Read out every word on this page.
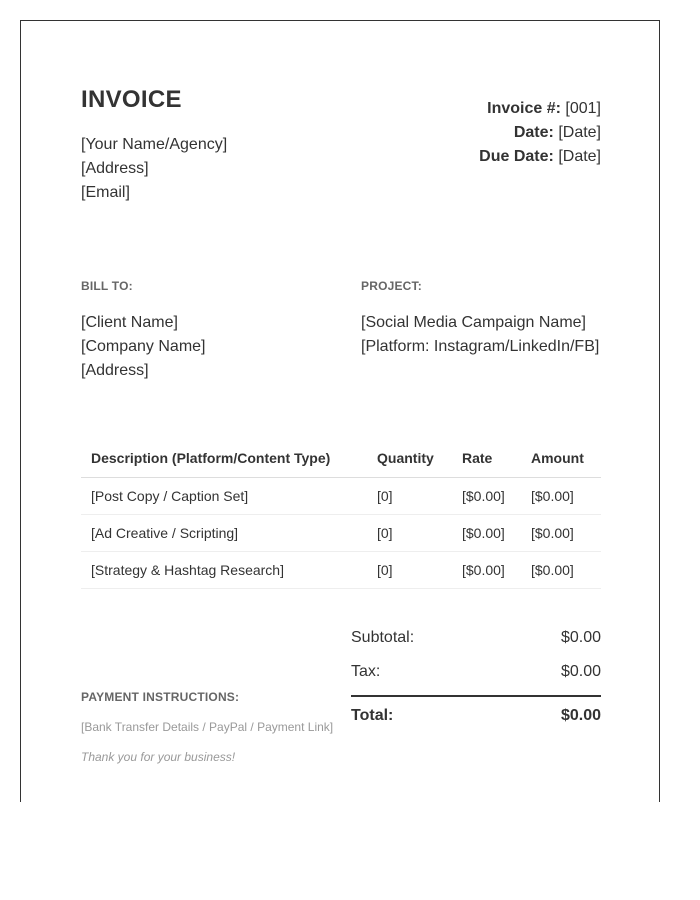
INVOICE
[Your Name/Agency]
[Address]
[Email]
Invoice #: [001]
Date: [Date]
Due Date: [Date]
BILL TO:	PROJECT:
[Client Name]
[Company Name]
[Address]
[Social Media Campaign Name]
[Platform: Instagram/LinkedIn/FB]
Description (Platform/Content Type)	Quantity	Rate	Amount
[Post Copy / Caption Set]	[0]	[$0.00]	[$0.00]
[Ad Creative / Scripting]	[0]	[$0.00]	[$0.00]
[Strategy & Hashtag Research]	[0]	[$0.00]	[$0.00]
Subtotal:	$0.00
Tax:	$0.00
Total:	$0.00
PAYMENT INSTRUCTIONS:
[Bank Transfer Details / PayPal / Payment Link]
Thank you for your business!
